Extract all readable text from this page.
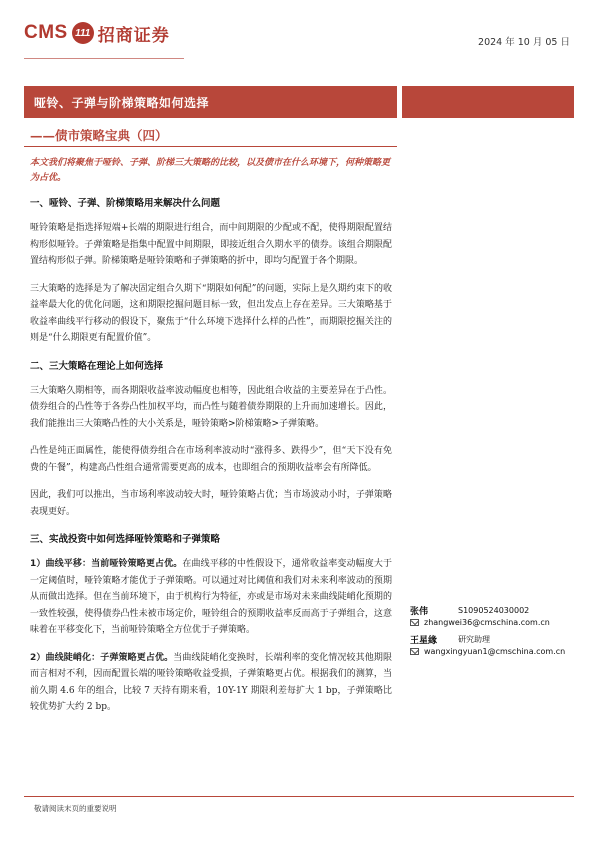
CMS 111 招商证券	2024 年 10 月 05 日
哑铃、子弹与阶梯策略如何选择
——债市策略宝典（四）
本文我们将聚焦于哑铃、子弹、阶梯三大策略的比较，以及债市在什么环境下，何种策略更为占优。
一、哑铃、子弹、阶梯策略用来解决什么问题
哑铃策略是指选择短端+长端的期限进行组合，而中间期限的少配或不配，使得期限配置结构形似哑铃。子弹策略是指集中配置中间期限，即接近组合久期水平的债券。该组合期限配置结构形似子弹。阶梯策略是哑铃策略和子弹策略的折中，即均匀配置于各个期限。
三大策略的选择是为了解决固定组合久期下“期限如何配”的问题，实际上是久期约束下的收益率最大化的优化问题，这和期限挖掘问题目标一致，但出发点上存在差异。三大策略基于收益率曲线平行移动的假设下，聚焦于“什么环境下选择什么样的凸性”，而期限挖掘关注的则是“什么期限更有配置价值”。
二、三大策略在理论上如何选择
三大策略久期相等，而各期限收益率波动幅度也相等，因此组合收益的主要差异在于凸性。债券组合的凸性等于各券凸性加权平均，而凸性与随着债券期限的上升而加速增长。因此，我们能推出三大策略凸性的大小关系是，哑铃策略>阶梯策略>子弹策略。
凸性是纯正面属性，能使得债券组合在市场利率波动时“涨得多、跌得少”，但“天下没有免费的午餐”，构建高凸性组合通常需要更高的成本，也即组合的预期收益率会有所降低。
因此，我们可以推出，当市场利率波动较大时，哑铃策略占优；当市场波动小时，子弹策略表现更好。
三、实战投资中如何选择哑铃策略和子弹策略
1）曲线平移：当前哑铃策略更占优。在曲线平移的中性假设下，通常收益率变动幅度大于一定阈值时，哑铃策略才能优于子弹策略。可以通过对比阈值和我们对未来利率波动的预期从而做出选择。但在当前环境下，由于机构行为特征，亦或是市场对未来曲线陡峭化预期的一致性较强，使得债券凸性未被市场定价，哑铃组合的预期收益率反而高于子弹组合，这意味着在平移变化下，当前哑铃策略全方位优于子弹策略。
2）曲线陡峭化：子弹策略更占优。当曲线陡峭化变换时，长端利率的变化情况较其他期限而言相对不利，因而配置长端的哑铃策略收益受损，子弹策略更占优。根据我们的测算，当前久期 4.6 年的组合，比较 7 天持有期来看，10Y-1Y 期限利差每扩大 1 bp，子弹策略比较优势扩大约 2 bp。
张伟	S1090524030002
zhangwei36@cmschina.com.cn
王星緣	研究助理
wangxingyuan1@cmschina.com.cn
敬请阅读末页的重要说明
